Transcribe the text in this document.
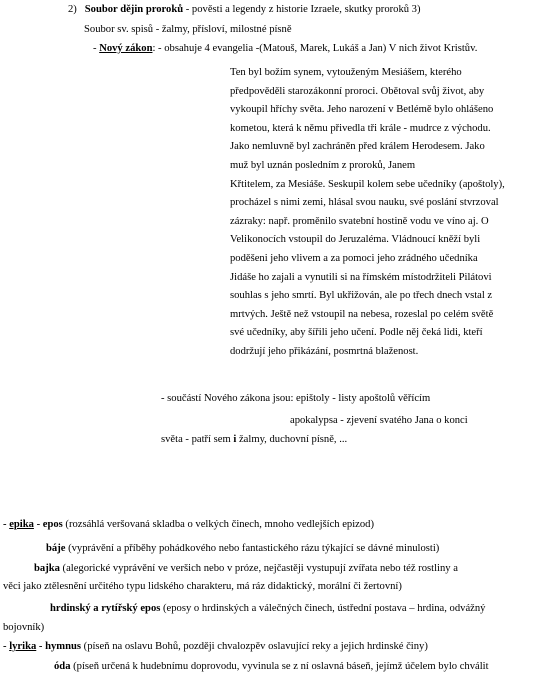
2) Soubor dějin proroků - pověsti a legendy z historie Izraele, skutky proroků 3)
Soubor sv. spisů - žalmy, přísloví, milostné písně
- Nový zákon: - obsahuje 4 evangelia -(Matouš, Marek, Lukáš a Jan) V nich život Kristův.
Ten byl božím synem, vytouženým Mesiášem, kterého
předpověděli starozákonní proroci. Obětoval svůj život, aby
vykoupil hříchy světa. Jeho narození v Betlémě bylo ohlášeno
kometou, která k němu přivedla tři krále - mudrce z východu.
Jako nemluvně byl zachráněn před králem Herodesem. Jako
muž byl uznán posledním z proroků, Janem
Křtitelem, za Mesiáše. Seskupil kolem sebe učedníky (apoštoly),
procházel s nimi zemi, hlásal svou nauku, své poslání stvrzoval
zázraky: např. proměnilo svatební hostině vodu ve víno aj. O
Velikonocích vstoupil do Jeruzaléma. Vládnoucí kněží byli
poděšeni jeho vlivem a za pomoci jeho zrádného učedníka
Jidáše ho zajali a vynutili si na římském místodržiteli Pilátovi
souhlas s jeho smrtí. Byl ukřižován, ale po třech dnech vstal z
mrtvých. Ještě než vstoupil na nebesa, rozeslal po celém světě
své učedníky, aby šířili jeho učení. Podle něj čeká lidi, kteří
dodržují jeho přikázání, posmrtná blaženost.
- součástí Nového zákona jsou: epištoly - listy apoštolů věřícím
apokalypsa - zjevení svatého Jana o konci
světa - patří sem i žalmy, duchovní písně, ...
- epika - epos (rozsáhlá veršovaná skladba o velkých činech, mnoho vedlejších epizod)
báje (vyprávění a příběhy pohádkového nebo fantastického rázu týkající se dávné minulosti)
bajka (alegorické vyprávění ve veršich nebo v próze, nejčastěji vystupují zvířata nebo též rostliny a
věci jako ztělesnění určitého typu lidského charakteru, má ráz didaktický, morální či žertovní)
hrdinský a rytířský epos (eposy o hrdinských a válečných činech, ústřední postava – hrdina, odvážný
bojovník)
- lyrika - hymnus (píseň na oslavu Bohů, později chvalozpěv oslavující reky a jejich hrdinské činy)
óda (píseň určená k hudebnímu doprovodu, vyvinula se z ní oslavná báseň, jejímž účelem bylo chválit
